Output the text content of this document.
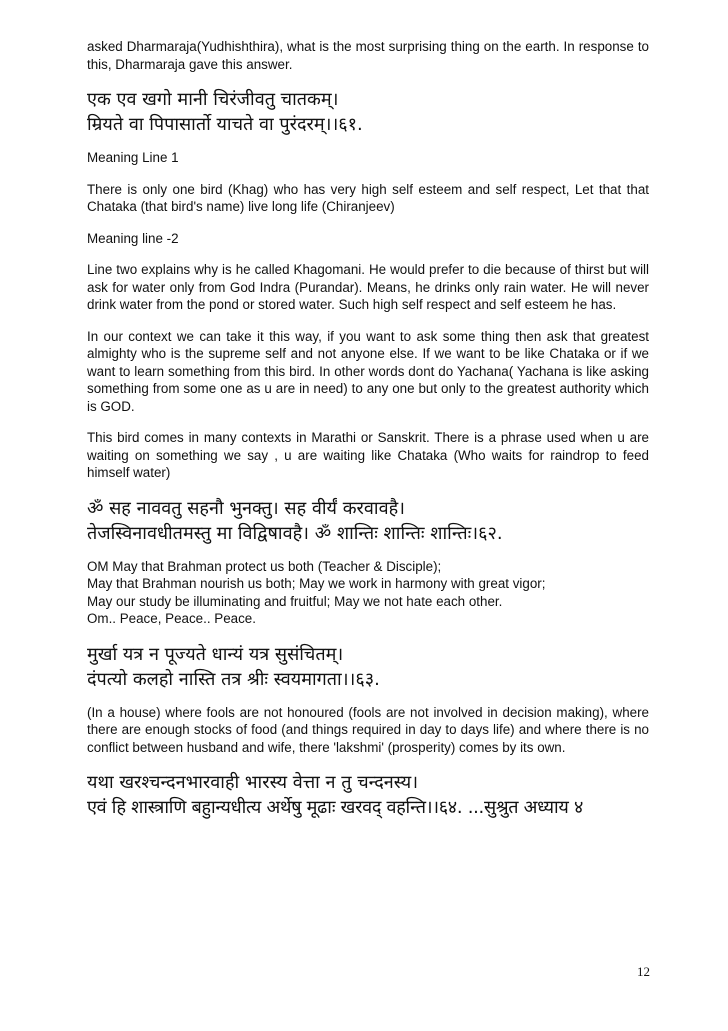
asked Dharmaraja(Yudhishthira), what is the most surprising thing on the earth. In response to this, Dharmaraja gave this answer.

एक एव खगो मानी चिरंजीवतु चातकम्।
म्रियते वा पिपासार्तो याचते वा पुरंदरम्।।६१.

Meaning Line 1

There is only one bird (Khag) who has very high self esteem and self respect, Let that that Chataka (that bird's name) live long life (Chiranjeev)

Meaning line -2

Line two explains why is he called Khagomani. He would prefer to die because of thirst but will ask for water only from God Indra (Purandar). Means, he drinks only rain water. He will never drink water from the pond or stored water. Such high self respect and self esteem he has.

In our context we can take it this way, if you want to ask some thing then ask that greatest almighty who is the supreme self and not anyone else. If we want to be like Chataka or if we want to learn something from this bird. In other words dont do Yachana( Yachana is like asking something from some one as u are in need) to any one but only to the greatest authority which is GOD.

This bird comes in many contexts in Marathi or Sanskrit. There is a phrase used when u are waiting on something we say , u are waiting like Chataka (Who waits for raindrop to feed himself water)

ॐ सह नाववतु सहनौ भुनक्तु। सह वीर्यं करवावहै।
तेजस्विनावधीतमस्तु मा विद्विषावहै। ॐ शान्तिः शान्तिः शान्तिः।६२.

OM May that Brahman protect us both (Teacher & Disciple);
May that Brahman nourish us both; May we work in harmony with great vigor;
May our study be illuminating and fruitful; May we not hate each other.
Om.. Peace, Peace.. Peace.

मुर्खा यत्र न पूज्यते धान्यं यत्र सुसंचितम्।
दंपत्यो कलहो नास्ति तत्र श्रीः स्वयमागता।।६३.

(In a house) where fools are not honoured (fools are not involved in decision making), where there are enough stocks of food (and things required in day to days life) and where there is no conflict between husband and wife, there 'lakshmi' (prosperity) comes by its own.

यथा खरश्चन्दनभारवाही भारस्य वेत्ता न तु चन्दनस्य।
एवं हि शास्त्राणि बहुान्यधीत्य अर्थेषु मूढाः खरवद् वहन्ति।।६४. ...सुश्रुत अध्याय ४
12
